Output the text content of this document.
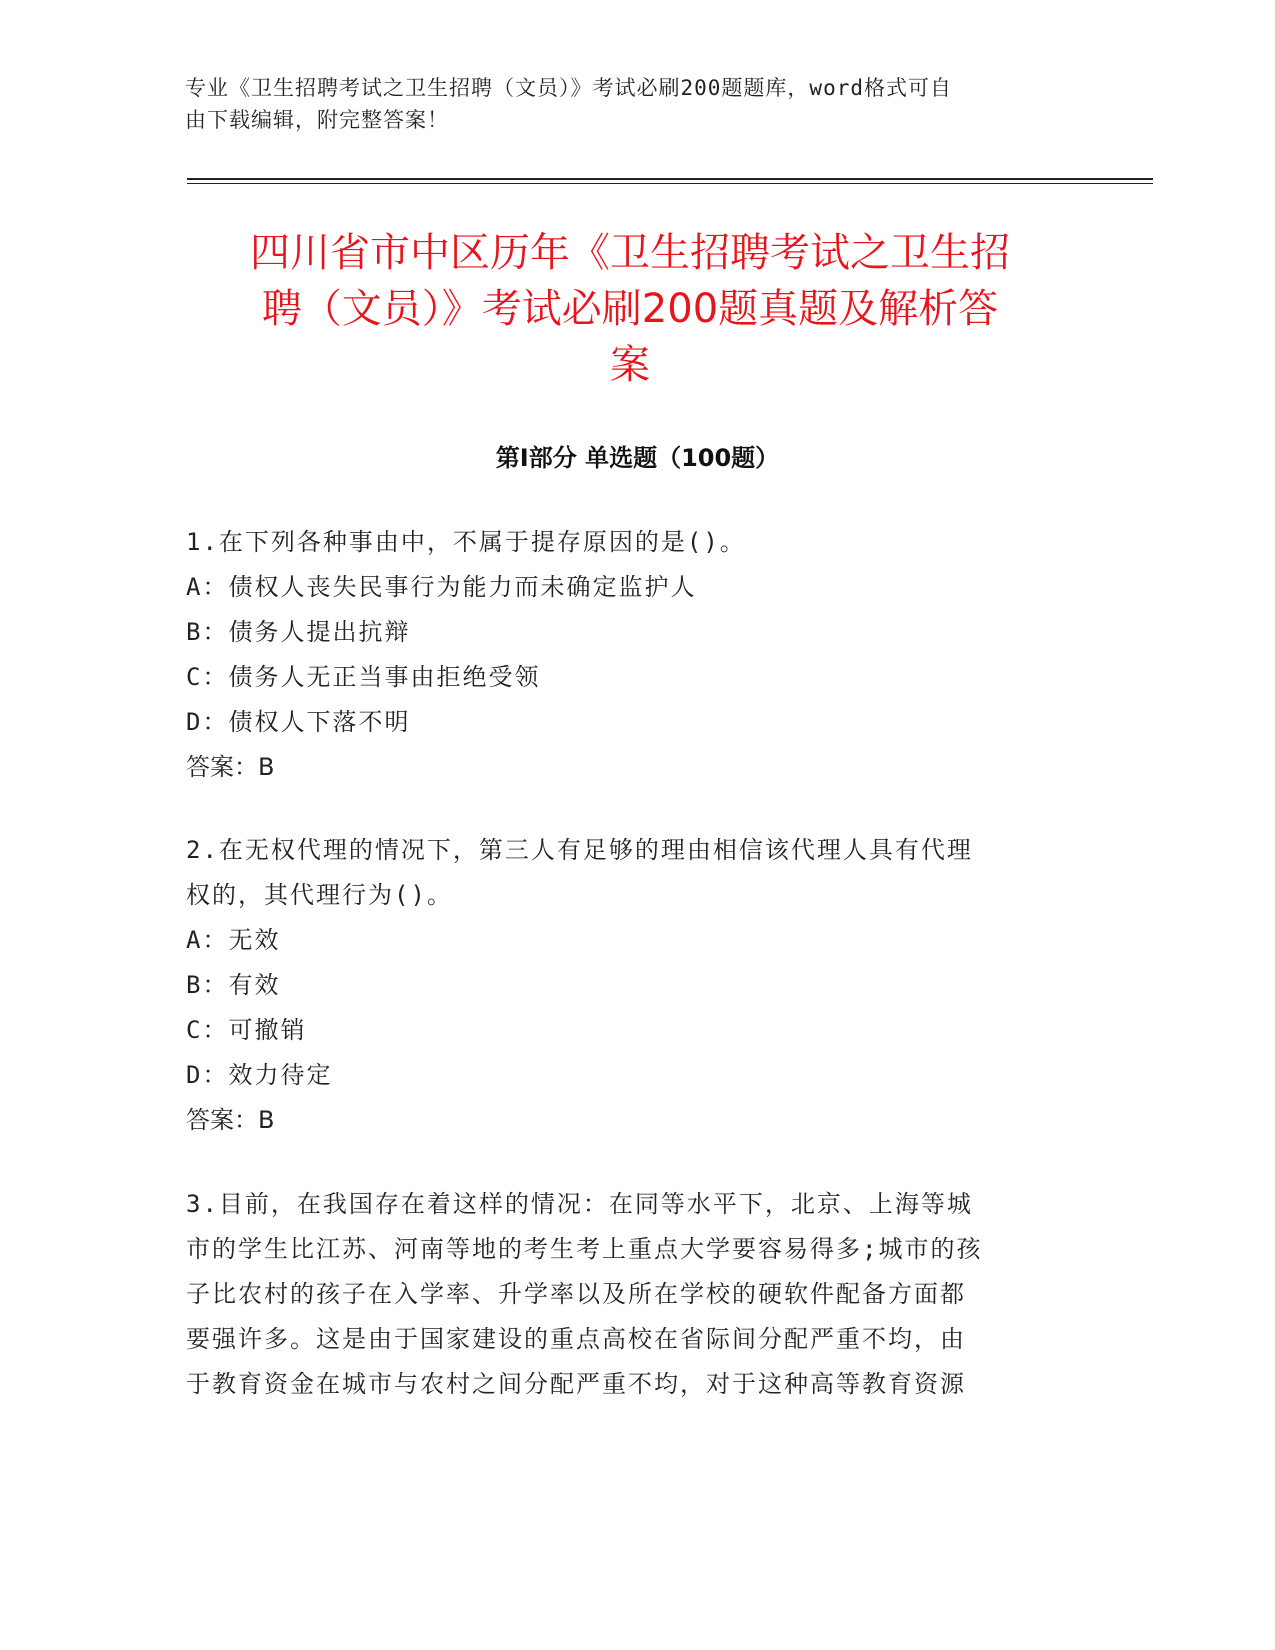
专业《卫生招聘考试之卫生招聘（文员）》考试必刷200题题库，word格式可自
由下载编辑，附完整答案！
四川省市中区历年《卫生招聘考试之卫生招
聘（文员）》考试必刷200题真题及解析答
案
第I部分 单选题（100题）
1.在下列各种事由中，不属于提存原因的是()。
A：债权人丧失民事行为能力而未确定监护人
B：债务人提出抗辩
C：债务人无正当事由拒绝受领
D：债权人下落不明
答案：B
2.在无权代理的情况下，第三人有足够的理由相信该代理人具有代理
权的，其代理行为()。
A：无效
B：有效
C：可撤销
D：效力待定
答案：B
3.目前，在我国存在着这样的情况：在同等水平下，北京、上海等城
市的学生比江苏、河南等地的考生考上重点大学要容易得多;城市的孩
子比农村的孩子在入学率、升学率以及所在学校的硬软件配备方面都
要强许多。这是由于国家建设的重点高校在省际间分配严重不均，由
于教育资金在城市与农村之间分配严重不均，对于这种高等教育资源
